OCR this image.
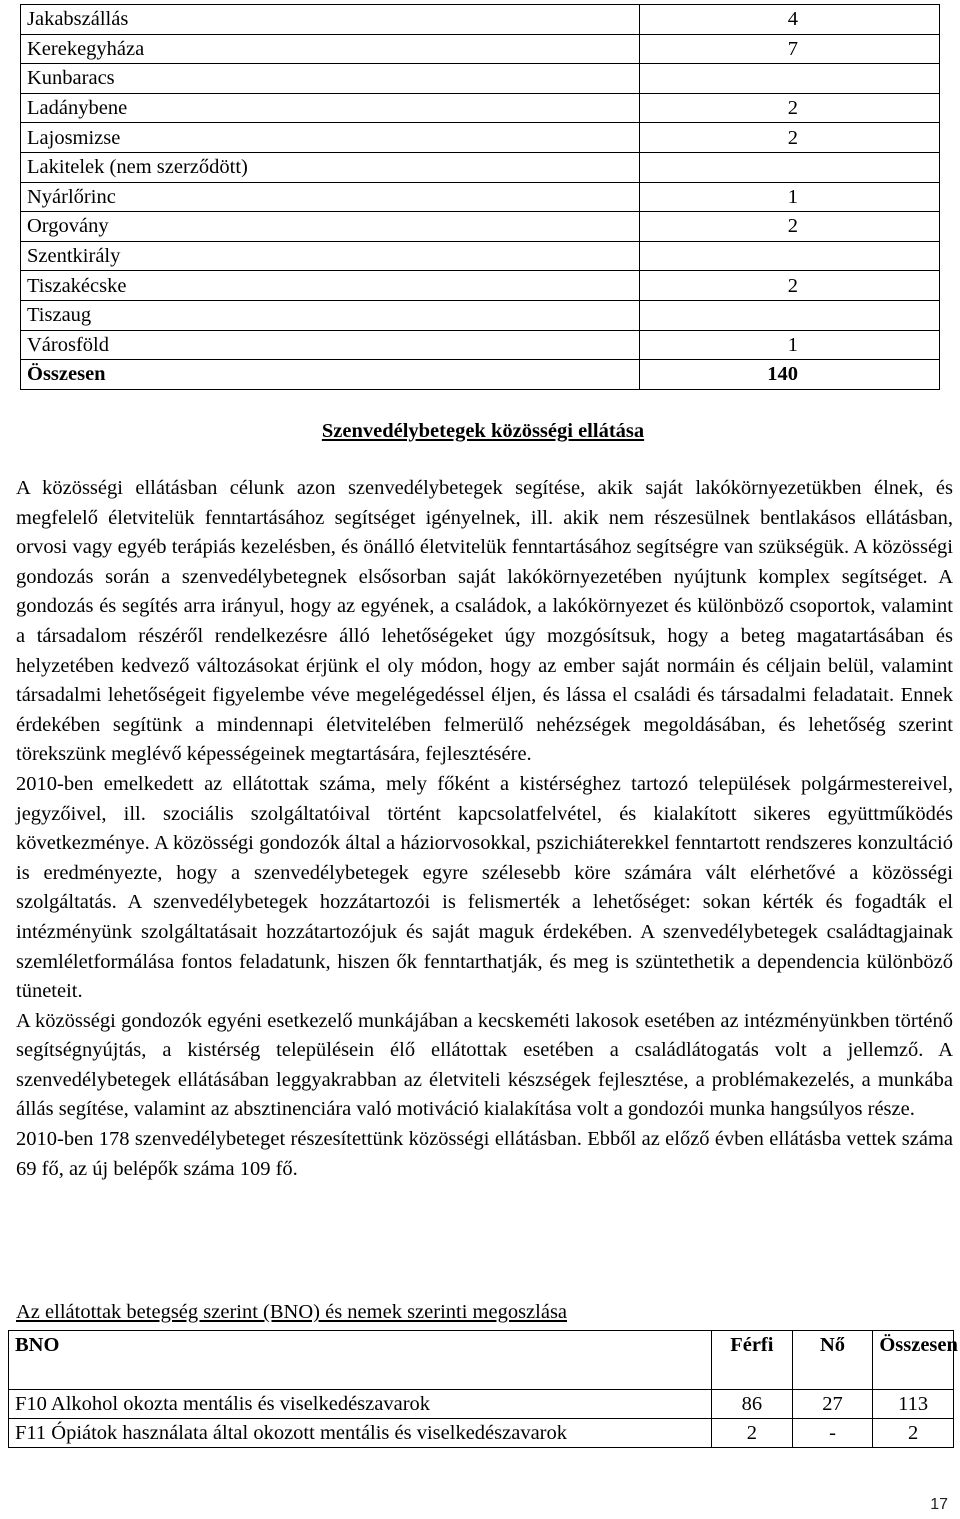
Jakabszállás	4
Kerekegyháza	7
Kunbaracs	
Ladánybene	2
Lajosmizse	2
Lakitelek (nem szerződött)	
Nyárlőrinc	1
Orgovány	2
Szentkirály	
Tiszakécske	2
Tiszaug	
Városföld	1
Összesen	140
Szenvedélybetegek közösségi ellátása

A közösségi ellátásban célunk azon szenvedélybetegek segítése, akik saját lakókörnyezetükben élnek, és megfelelő életvitelük fenntartásához segítséget igényelnek, ill. akik nem részesülnek bentlakásos ellátásban, orvosi vagy egyéb terápiás kezelésben, és önálló életvitelük fenntartásához segítségre van szükségük. A közösségi gondozás során a szenvedélybetegnek elsősorban saját lakókörnyezetében nyújtunk komplex segítséget. A gondozás és segítés arra irányul, hogy az egyének, a családok, a lakókörnyezet és különböző csoportok, valamint a társadalom részéről rendelkezésre álló lehetőségeket úgy mozgósítsuk, hogy a beteg magatartásában és helyzetében kedvező változásokat érjünk el oly módon, hogy az ember saját normáin és céljain belül, valamint társadalmi lehetőségeit figyelembe véve megelégedéssel éljen, és lássa el családi és társadalmi feladatait. Ennek érdekében segítünk a mindennapi életvitelében felmerülő nehézségek megoldásában, és lehetőség szerint törekszünk meglévő képességeinek megtartására, fejlesztésére.

2010-ben emelkedett az ellátottak száma, mely főként a kistérséghez tartozó települések polgármestereivel, jegyzőivel, ill. szociális szolgáltatóival történt kapcsolatfelvétel, és kialakított sikeres együttműködés következménye. A közösségi gondozók által a háziorvosokkal, pszichiáterekkel fenntartott rendszeres konzultáció is eredményezte, hogy a szenvedélybetegek egyre szélesebb köre számára vált elérhetővé a közösségi szolgáltatás. A szenvedélybetegek hozzátartozói is felismerték a lehetőséget: sokan kérték és fogadták el intézményünk szolgáltatásait hozzátartozójuk és saját maguk érdekében. A szenvedélybetegek családtagjainak szemléletformálása fontos feladatunk, hiszen ők fenntarthatják, és meg is szüntethetik a dependencia különböző tüneteit.

A közösségi gondozók egyéni esetkezelő munkájában a kecskeméti lakosok esetében az intézményünkben történő segítségnyújtás, a kistérség településein élő ellátottak esetében a családlátogatás volt a jellemző. A szenvedélybetegek ellátásában leggyakrabban az életviteli készségek fejlesztése, a problémakezelés, a munkába állás segítése, valamint az absztinenciára való motiváció kialakítása volt a gondozói munka hangsúlyos része.

2010-ben 178 szenvedélybeteget részesítettünk közösségi ellátásban. Ebből az előző évben ellátásba vettek száma 69 fő, az új belépők száma 109 fő.

Az ellátottak betegség szerint (BNO) és nemek szerinti megoszlása
BNO	Férfi	Nő	Összesen
F10 Alkohol okozta mentális és viselkedészavarok	86	27	113
F11 Ópiátok használata által okozott mentális és viselkedészavarok	2	-	2
17
